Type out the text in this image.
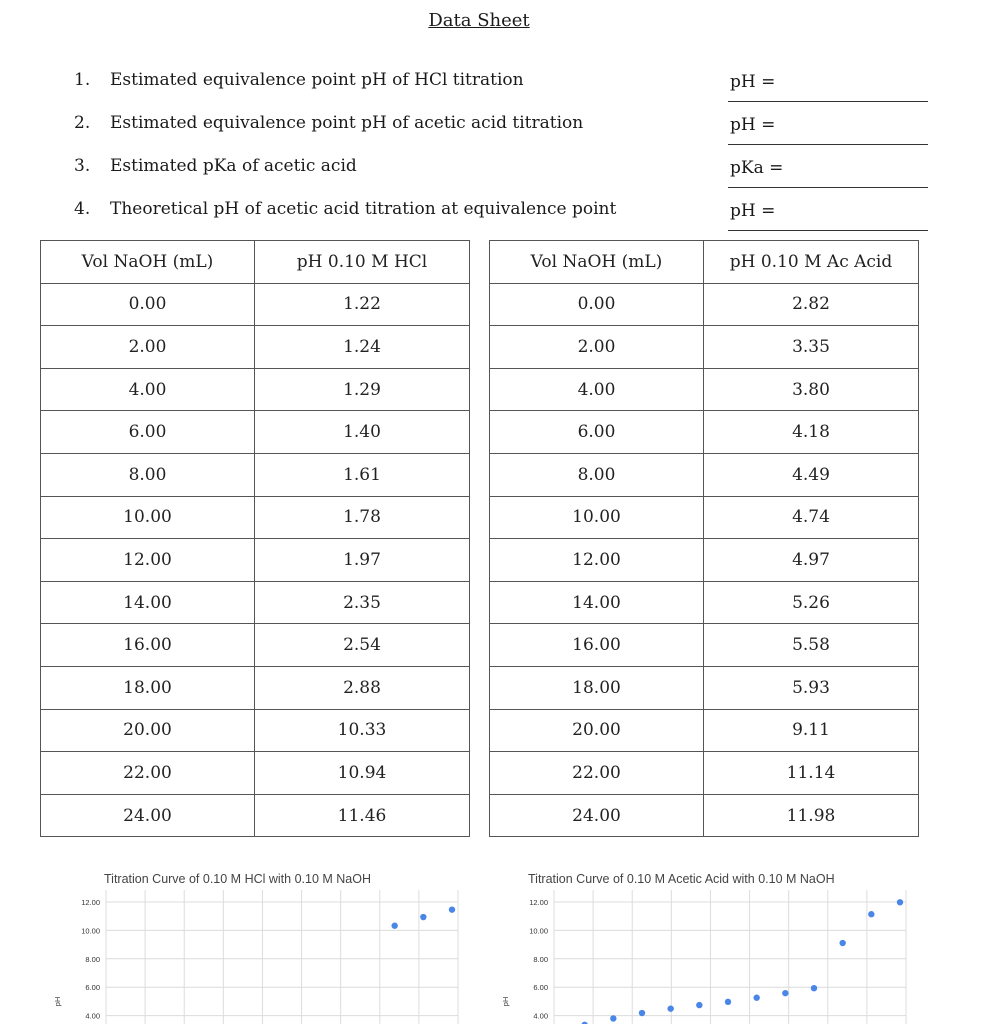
Data Sheet
1. Estimated equivalence point pH of HCl titration	pH =
2. Estimated equivalence point pH of acetic acid titration	pH =
3. Estimated pKa of acetic acid	pKa =
4. Theoretical pH of acetic acid titration at equivalence point	pH =
Vol NaOH (mL)	pH 0.10 M HCl
0.00	1.22
2.00	1.24
4.00	1.29
6.00	1.40
8.00	1.61
10.00	1.78
12.00	1.97
14.00	2.35
16.00	2.54
18.00	2.88
20.00	10.33
22.00	10.94
24.00	11.46
Vol NaOH (mL)	pH 0.10 M Ac Acid
0.00	2.82
2.00	3.35
4.00	3.80
6.00	4.18
8.00	4.49
10.00	4.74
12.00	4.97
14.00	5.26
16.00	5.58
18.00	5.93
20.00	9.11
22.00	11.14
24.00	11.98
Titration Curve of 0.10 M HCl with 0.10 M NaOH
12.00
10.00
8.00
6.00
4.00
pH
Titration Curve of 0.10 M Acetic Acid with 0.10 M NaOH
12.00
10.00
8.00
6.00
4.00
pH
